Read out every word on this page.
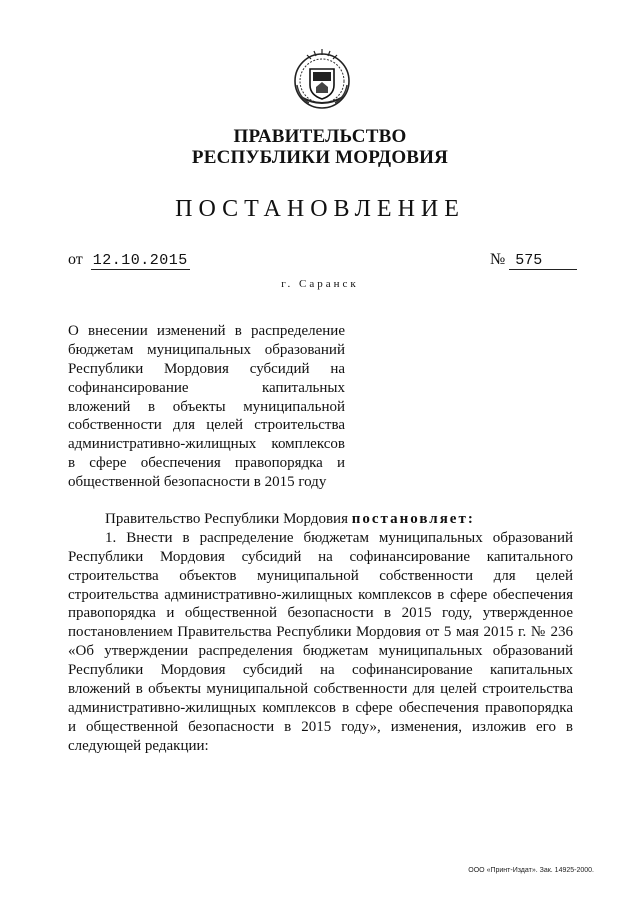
ПРАВИТЕЛЬСТВО
РЕСПУБЛИКИ МОРДОВИЯ
ПОСТАНОВЛЕНИЕ
от 12.10.2015	№ 575
г. Саранск
О внесении изменений в распределение
бюджетам муниципальных образований
Республики Мордовия субсидий на
софинансирование капитальных
вложений в объекты муниципальной
собственности для целей строительства
административно-жилищных комплексов
в сфере обеспечения правопорядка и
общественной безопасности в 2015 году
Правительство Республики Мордовия постановляет:
1. Внести в распределение бюджетам муниципальных образований
Республики Мордовия субсидий на софинансирование капитального
строительства объектов муниципальной собственности для целей
строительства административно-жилищных комплексов в сфере обеспечения
правопорядка и общественной безопасности в 2015 году, утвержденное
постановлением Правительства Республики Мордовия от 5 мая 2015 г. № 236
«Об утверждении распределения бюджетам муниципальных образований
Республики Мордовия субсидий на софинансирование капитальных
вложений в объекты муниципальной собственности для целей строительства
административно-жилищных комплексов в сфере обеспечения правопорядка
и общественной безопасности в 2015 году», изменения, изложив его в
следующей редакции:
ООО «Принт-Издат». Зак. 14925-2000.
